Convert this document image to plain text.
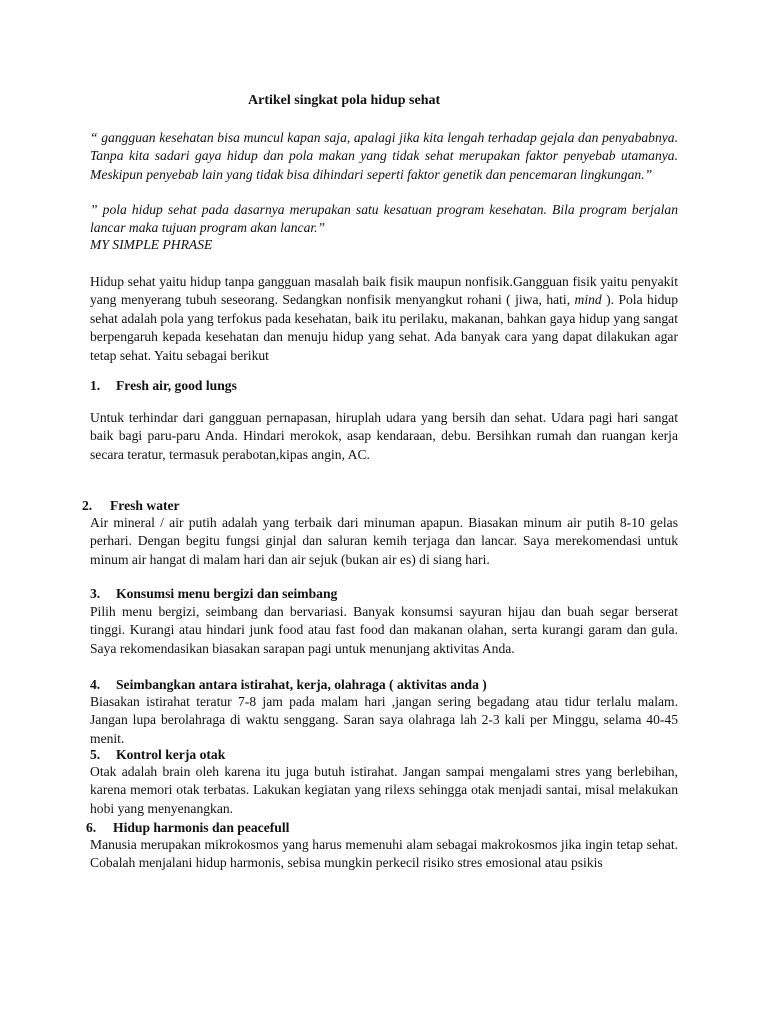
Artikel singkat pola hidup sehat

“ gangguan kesehatan bisa muncul kapan saja, apalagi jika kita lengah terhadap gejala dan penyababnya. Tanpa kita sadari gaya hidup dan pola makan yang tidak sehat merupakan faktor penyebab utamanya. Meskipun penyebab lain yang tidak bisa dihindari seperti faktor genetik dan pencemaran lingkungan.”

” pola hidup sehat pada dasarnya merupakan satu kesatuan program kesehatan. Bila program berjalan lancar maka tujuan program akan lancar.”

MY SIMPLE PHRASE

Hidup sehat yaitu hidup tanpa gangguan masalah baik fisik maupun nonfisik.Gangguan fisik yaitu penyakit yang menyerang tubuh seseorang. Sedangkan nonfisik menyangkut rohani ( jiwa, hati, mind ). Pola hidup sehat adalah pola yang terfokus pada kesehatan, baik itu perilaku, makanan, bahkan gaya hidup yang sangat berpengaruh kepada kesehatan dan menuju hidup yang sehat. Ada banyak cara yang dapat dilakukan agar tetap sehat. Yaitu sebagai berikut

1. Fresh air, good lungs

Untuk terhindar dari gangguan pernapasan, hiruplah udara yang bersih dan sehat. Udara pagi hari sangat baik bagi paru-paru Anda. Hindari merokok, asap kendaraan, debu. Bersihkan rumah dan ruangan kerja secara teratur, termasuk perabotan,kipas angin, AC.

2. Fresh water

Air mineral / air putih adalah yang terbaik dari minuman apapun. Biasakan minum air putih 8-10 gelas perhari. Dengan begitu fungsi ginjal dan saluran kemih terjaga dan lancar. Saya merekomendasi untuk minum air hangat di malam hari dan air sejuk (bukan air es) di siang hari.

3. Konsumsi menu bergizi dan seimbang

Pilih menu bergizi, seimbang dan bervariasi. Banyak konsumsi sayuran hijau dan buah segar berserat tinggi. Kurangi atau hindari junk food atau fast food dan makanan olahan, serta kurangi garam dan gula. Saya rekomendasikan biasakan sarapan pagi untuk menunjang aktivitas Anda.

4. Seimbangkan antara istirahat, kerja, olahraga ( aktivitas anda )

Biasakan istirahat teratur 7-8 jam pada malam hari ,jangan sering begadang atau tidur terlalu malam. Jangan lupa berolahraga di waktu senggang. Saran saya olahraga lah 2-3 kali per Minggu, selama 40-45 menit.

5. Kontrol kerja otak

Otak adalah brain oleh karena itu juga butuh istirahat. Jangan sampai mengalami stres yang berlebihan, karena memori otak terbatas. Lakukan kegiatan yang rilexs sehingga otak menjadi santai, misal melakukan hobi yang menyenangkan.

6. Hidup harmonis dan peacefull

Manusia merupakan mikrokosmos yang harus memenuhi alam sebagai makrokosmos jika ingin tetap sehat. Cobalah menjalani hidup harmonis, sebisa mungkin perkecil risiko stres emosional atau psikis
